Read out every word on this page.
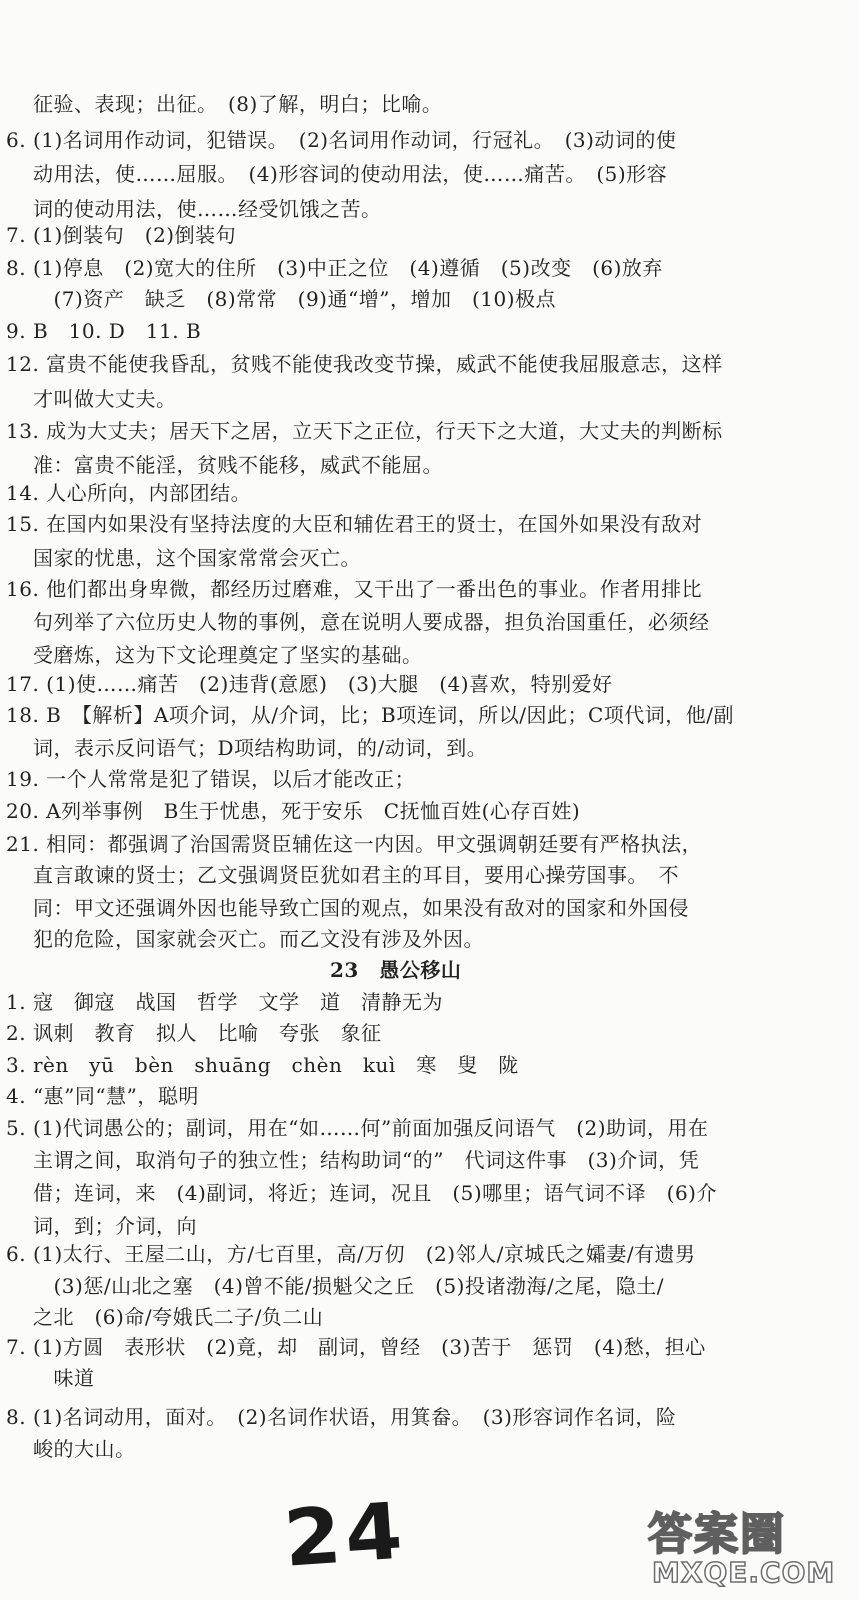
征验、表现；出征。　(8)了解，明白；比喻。
6. (1)名词用作动词，犯错误。　(2)名词用作动词，行冠礼。　(3)动词的使
动用法，使……屈服。　(4)形容词的使动用法，使……痛苦。　(5)形容
词的使动用法，使……经受饥饿之苦。
7. (1)倒装句　(2)倒装句
8. (1)停息　(2)宽大的住所　(3)中正之位　(4)遵循　(5)改变　(6)放弃
　(7)资产　缺乏　(8)常常　(9)通“增”，增加　(10)极点
9. B　10. D　11. B
12. 富贵不能使我昏乱，贫贱不能使我改变节操，威武不能使我屈服意志，这样
才叫做大丈夫。
13. 成为大丈夫；居天下之居，立天下之正位，行天下之大道，大丈夫的判断标
准：富贵不能淫，贫贱不能移，威武不能屈。
14. 人心所向，内部团结。
15. 在国内如果没有坚持法度的大臣和辅佐君王的贤士，在国外如果没有敌对
国家的忧患，这个国家常常会灭亡。
16. 他们都出身卑微，都经历过磨难，又干出了一番出色的事业。作者用排比
句列举了六位历史人物的事例，意在说明人要成器，担负治国重任，必须经
受磨炼，这为下文论理奠定了坚实的基础。
17. (1)使……痛苦　(2)违背(意愿)　(3)大腿　(4)喜欢，特别爱好
18. B　【解析】A项介词，从/介词，比；B项连词，所以/因此；C项代词，他/副
词，表示反问语气；D项结构助词，的/动词，到。
19. 一个人常常是犯了错误，以后才能改正；
20. A列举事例　B生于忧患，死于安乐　C抚恤百姓(心存百姓)
21. 相同：都强调了治国需贤臣辅佐这一内因。甲文强调朝廷要有严格执法，
直言敢谏的贤士；乙文强调贤臣犹如君主的耳目，要用心操劳国事。　不
同：甲文还强调外因也能导致亡国的观点，如果没有敌对的国家和外国侵
犯的危险，国家就会灭亡。而乙文没有涉及外因。
23　愚公移山
1. 寇　御寇　战国　哲学　文学　道　清静无为
2. 讽刺　教育　拟人　比喻　夸张　象征
3. rèn　yū　bèn　shuāng　chèn　kuì　寒　叟　陇
4. “惠”同“慧”，聪明
5. (1)代词愚公的；副词，用在“如……何”前面加强反问语气　(2)助词，用在
主谓之间，取消句子的独立性；结构助词“的”　代词这件事　(3)介词，凭
借；连词，来　(4)副词，将近；连词，况且　(5)哪里；语气词不译　(6)介
词，到；介词，向
6. (1)太行、王屋二山，方/七百里，高/万仞　(2)邻人/京城氏之孀妻/有遗男
　(3)惩/山北之塞　(4)曾不能/损魁父之丘　(5)投诸渤海/之尾，隐土/
之北　(6)命/夸娥氏二子/负二山
7. (1)方圆　表形状　(2)竟，却　副词，曾经　(3)苦于　惩罚　(4)愁，担心
　味道
8. (1)名词动用，面对。　(2)名词作状语，用箕畚。　(3)形容词作名词，险
峻的大山。
24	答案圈
MXQE.COM
